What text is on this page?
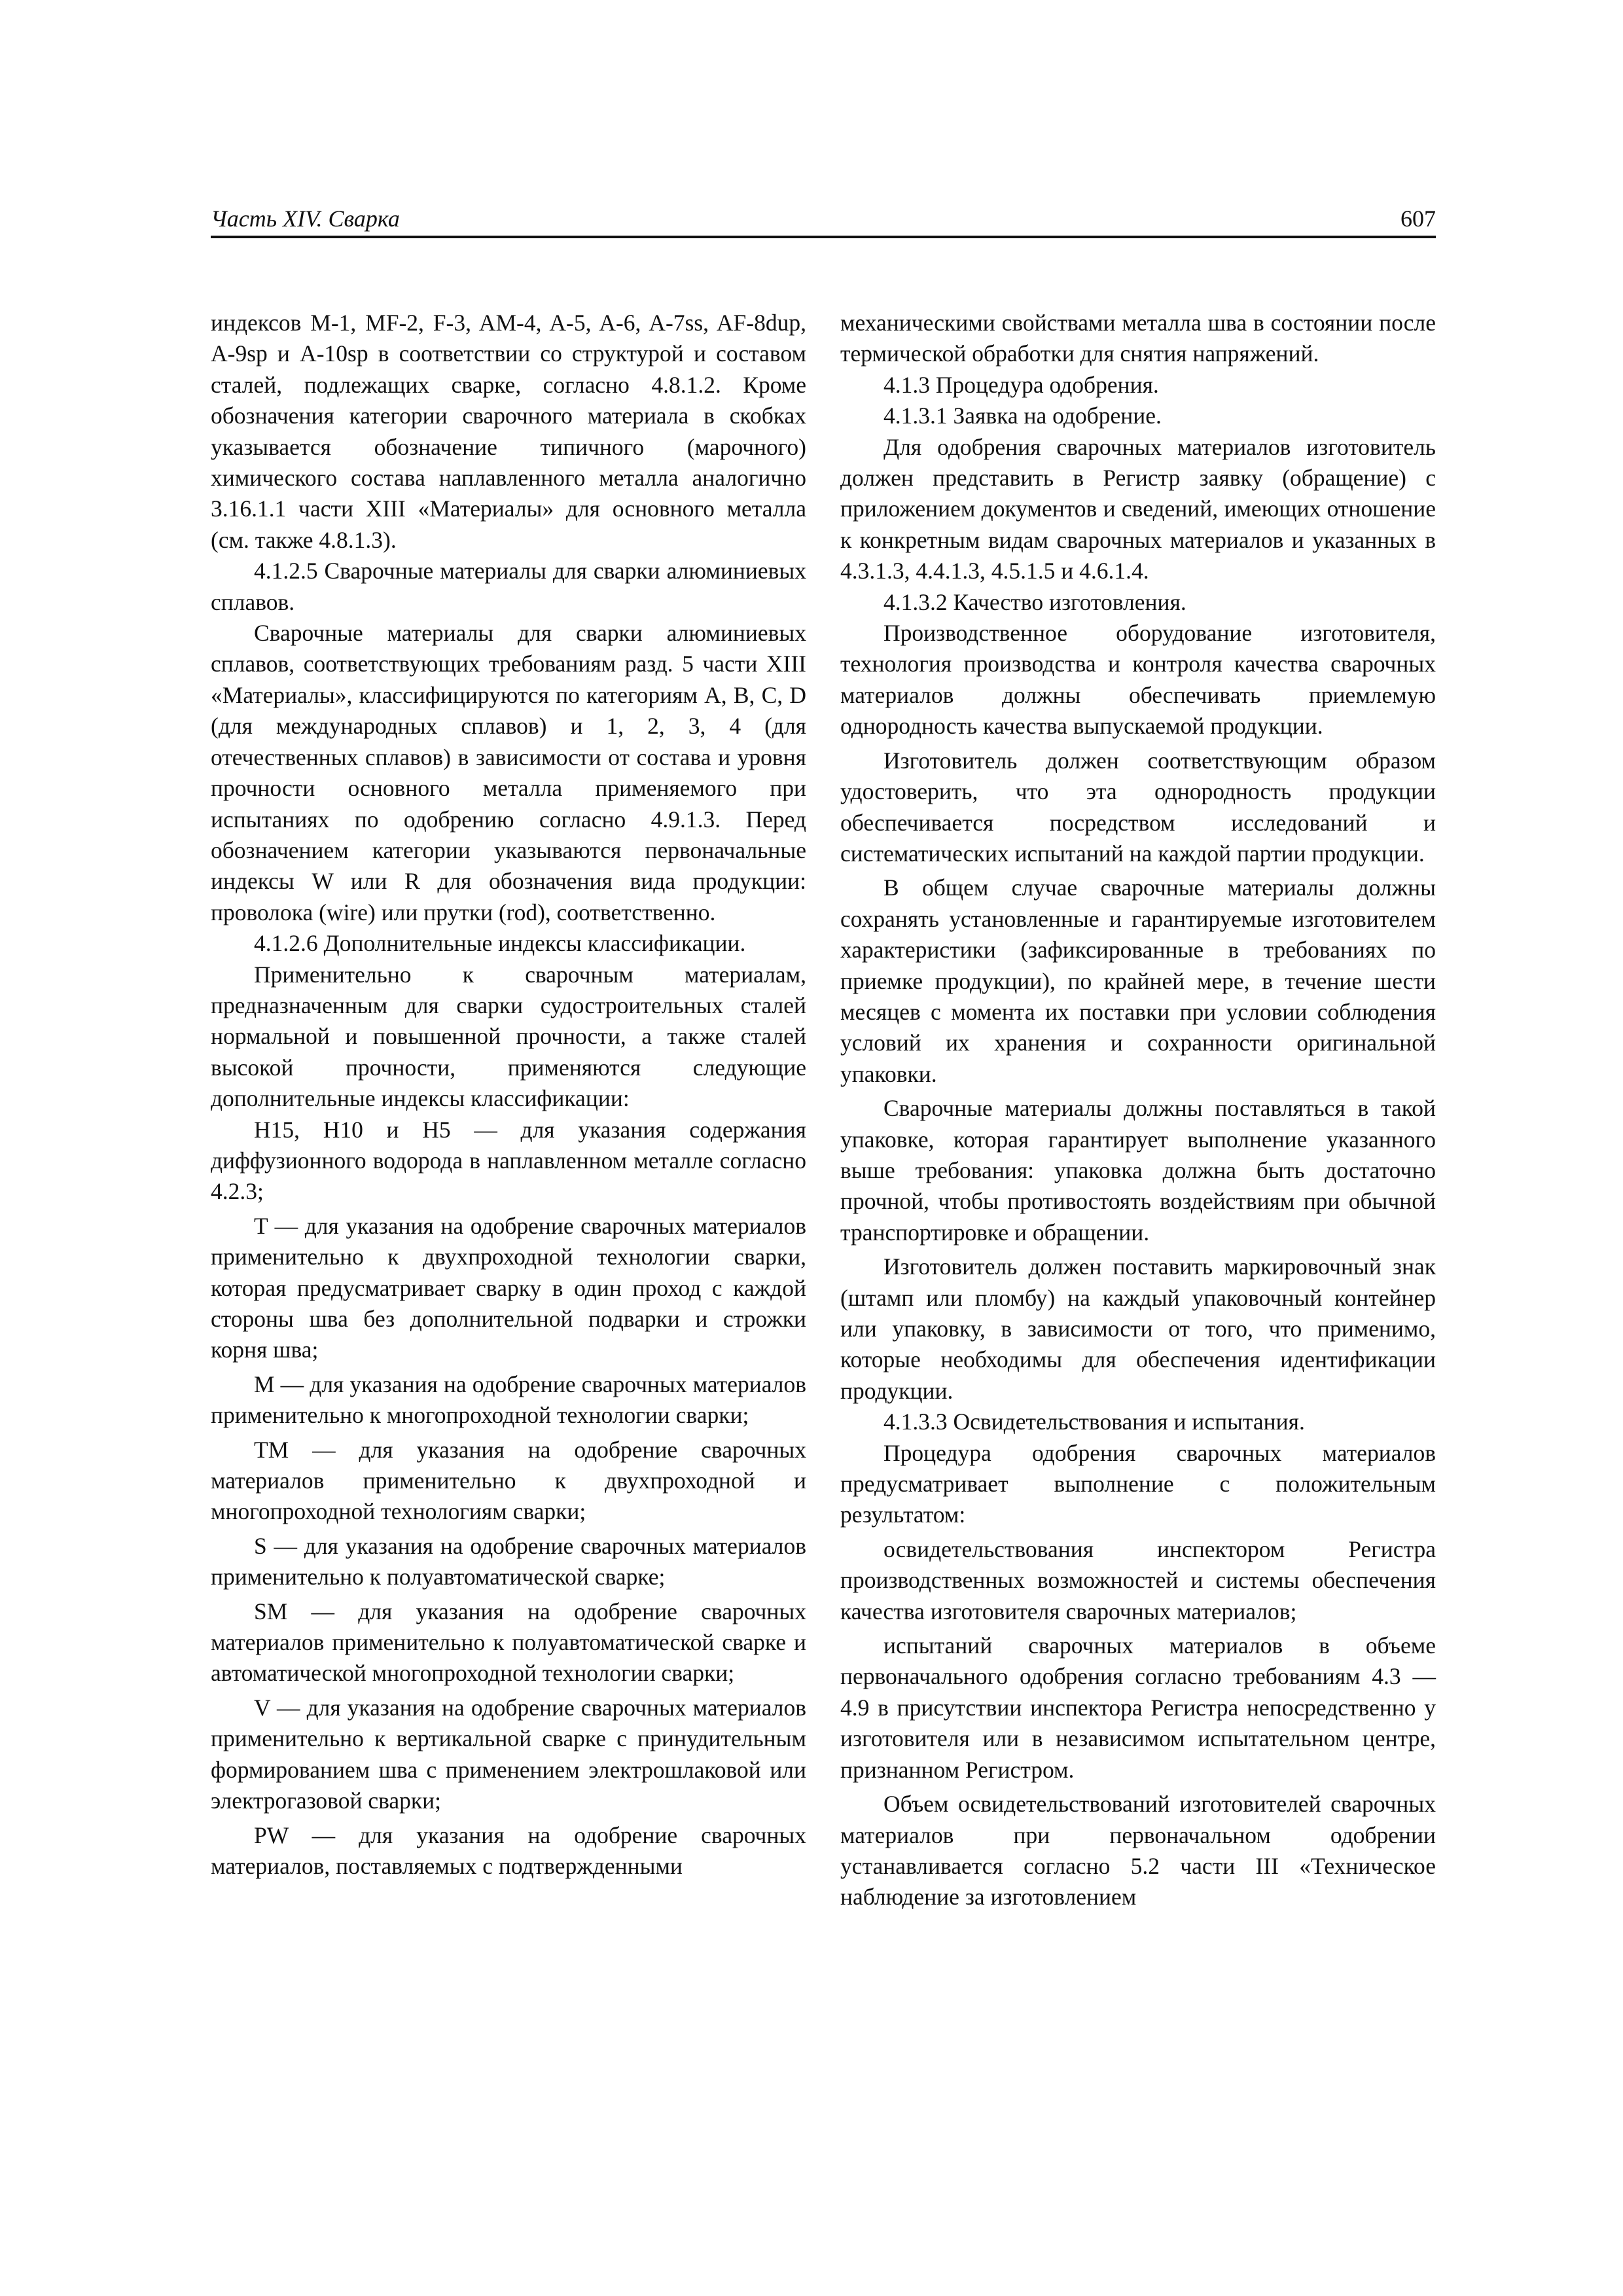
Часть XIV. Сварка	607

индексов M-1, MF-2, F-3, AM-4, A-5, A-6, A-7ss, AF-8dup, A-9sp и A-10sp в соответствии со структурой и составом сталей, подлежащих сварке, согласно 4.8.1.2. Кроме обозначения категории сварочного материала в скобках указывается обозначение типичного (марочного) химического состава наплавленного металла аналогично 3.16.1.1 части XIII «Материалы» для основного металла (см. также 4.8.1.3).

4.1.2.5 Сварочные материалы для сварки алюминиевых сплавов.

Сварочные материалы для сварки алюминиевых сплавов, соответствующих требованиям разд. 5 части XIII «Материалы», классифицируются по категориям A, B, C, D (для международных сплавов) и 1, 2, 3, 4 (для отечественных сплавов) в зависимости от состава и уровня прочности основного металла применяемого при испытаниях по одобрению согласно 4.9.1.3. Перед обозначением категории указываются первоначальные индексы W или R для обозначения вида продукции: проволока (wire) или прутки (rod), соответственно.

4.1.2.6 Дополнительные индексы классификации.

Применительно к сварочным материалам, предназначенным для сварки судостроительных сталей нормальной и повышенной прочности, а также сталей высокой прочности, применяются следующие дополнительные индексы классификации:

H15, H10 и H5 — для указания содержания диффузионного водорода в наплавленном металле согласно 4.2.3;

T — для указания на одобрение сварочных материалов применительно к двухпроходной технологии сварки, которая предусматривает сварку в один проход с каждой стороны шва без дополнительной подварки и строжки корня шва;

M — для указания на одобрение сварочных материалов применительно к многопроходной технологии сварки;

TM — для указания на одобрение сварочных материалов применительно к двухпроходной и многопроходной технологиям сварки;

S — для указания на одобрение сварочных материалов применительно к полуавтоматической сварке;

SM — для указания на одобрение сварочных материалов применительно к полуавтоматической сварке и автоматической многопроходной технологии сварки;

V — для указания на одобрение сварочных материалов применительно к вертикальной сварке с принудительным формированием шва с применением электрошлаковой или электрогазовой сварки;

PW — для указания на одобрение сварочных материалов, поставляемых с подтвержденными

механическими свойствами металла шва в состоянии после термической обработки для снятия напряжений.

4.1.3 Процедура одобрения.

4.1.3.1 Заявка на одобрение.

Для одобрения сварочных материалов изготовитель должен представить в Регистр заявку (обращение) с приложением документов и сведений, имеющих отношение к конкретным видам сварочных материалов и указанных в 4.3.1.3, 4.4.1.3, 4.5.1.5 и 4.6.1.4.

4.1.3.2 Качество изготовления.

Производственное оборудование изготовителя, технология производства и контроля качества сварочных материалов должны обеспечивать приемлемую однородность качества выпускаемой продукции.

Изготовитель должен соответствующим образом удостоверить, что эта однородность продукции обеспечивается посредством исследований и систематических испытаний на каждой партии продукции.

В общем случае сварочные материалы должны сохранять установленные и гарантируемые изготовителем характеристики (зафиксированные в требованиях по приемке продукции), по крайней мере, в течение шести месяцев с момента их поставки при условии соблюдения условий их хранения и сохранности оригинальной упаковки.

Сварочные материалы должны поставляться в такой упаковке, которая гарантирует выполнение указанного выше требования: упаковка должна быть достаточно прочной, чтобы противостоять воздействиям при обычной транспортировке и обращении.

Изготовитель должен поставить маркировочный знак (штамп или пломбу) на каждый упаковочный контейнер или упаковку, в зависимости от того, что применимо, которые необходимы для обеспечения идентификации продукции.

4.1.3.3 Освидетельствования и испытания.

Процедура одобрения сварочных материалов предусматривает выполнение с положительным результатом:

освидетельствования инспектором Регистра производственных возможностей и системы обеспечения качества изготовителя сварочных материалов;

испытаний сварочных материалов в объеме первоначального одобрения согласно требованиям 4.3 — 4.9 в присутствии инспектора Регистра непосредственно у изготовителя или в независимом испытательном центре, признанном Регистром.

Объем освидетельствований изготовителей сварочных материалов при первоначальном одобрении устанавливается согласно 5.2 части III «Техническое наблюдение за изготовлением
